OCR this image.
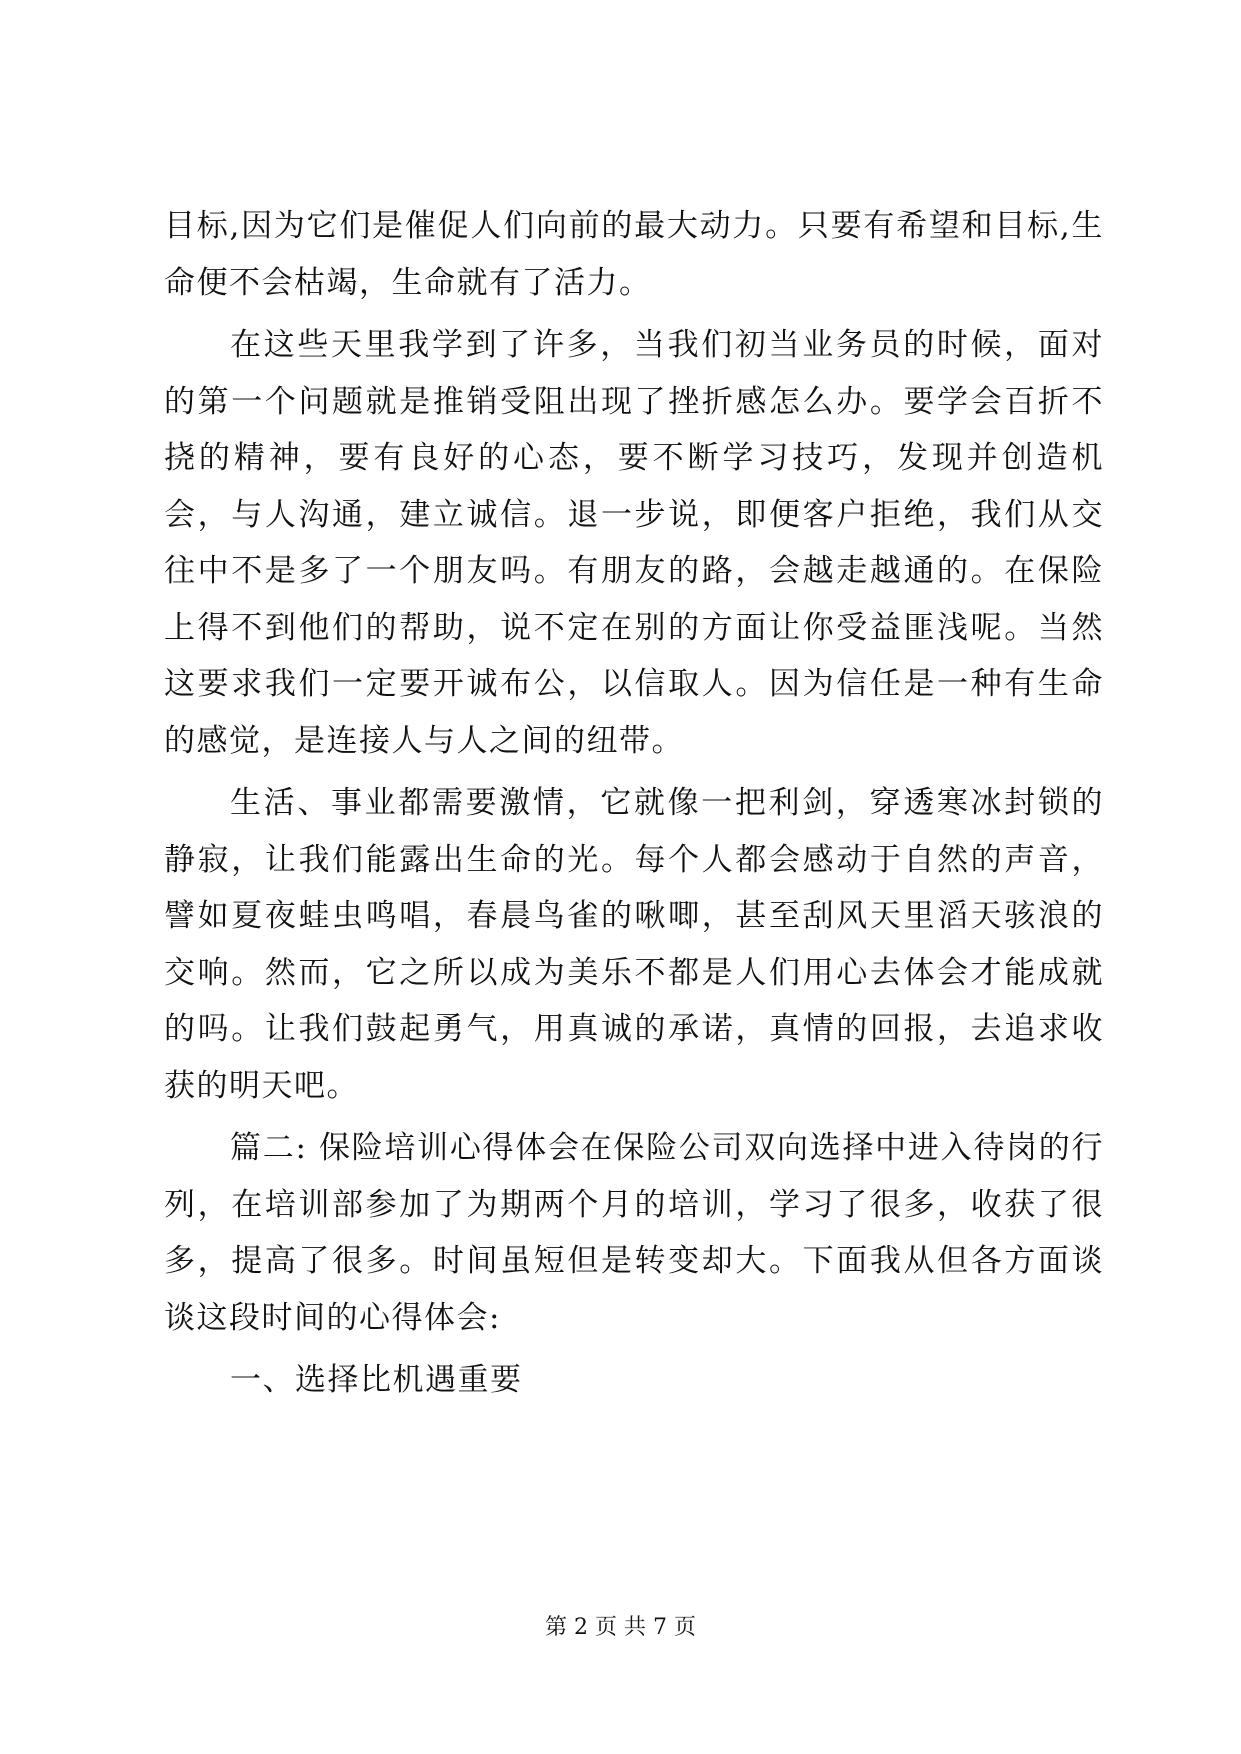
目标,因为它们是催促人们向前的最大动力。只要有希望和目标,生命便不会枯竭，生命就有了活力。

在这些天里我学到了许多，当我们初当业务员的时候，面对的第一个问题就是推销受阻出现了挫折感怎么办。要学会百折不挠的精神，要有良好的心态，要不断学习技巧，发现并创造机会，与人沟通，建立诚信。退一步说，即便客户拒绝，我们从交往中不是多了一个朋友吗。有朋友的路，会越走越通的。在保险上得不到他们的帮助，说不定在别的方面让你受益匪浅呢。当然这要求我们一定要开诚布公，以信取人。因为信任是一种有生命的感觉，是连接人与人之间的纽带。

生活、事业都需要激情，它就像一把利剑，穿透寒冰封锁的静寂，让我们能露出生命的光。每个人都会感动于自然的声音，譬如夏夜蛙虫鸣唱，春晨鸟雀的啾唧，甚至刮风天里滔天骇浪的交响。然而，它之所以成为美乐不都是人们用心去体会才能成就的吗。让我们鼓起勇气，用真诚的承诺，真情的回报，去追求收获的明天吧。

篇二: 保险培训心得体会在保险公司双向选择中进入待岗的行列，在培训部参加了为期两个月的培训，学习了很多，收获了很多，提高了很多。时间虽短但是转变却大。下面我从但各方面谈谈这段时间的心得体会:

一、选择比机遇重要

第 2 页 共 7 页
